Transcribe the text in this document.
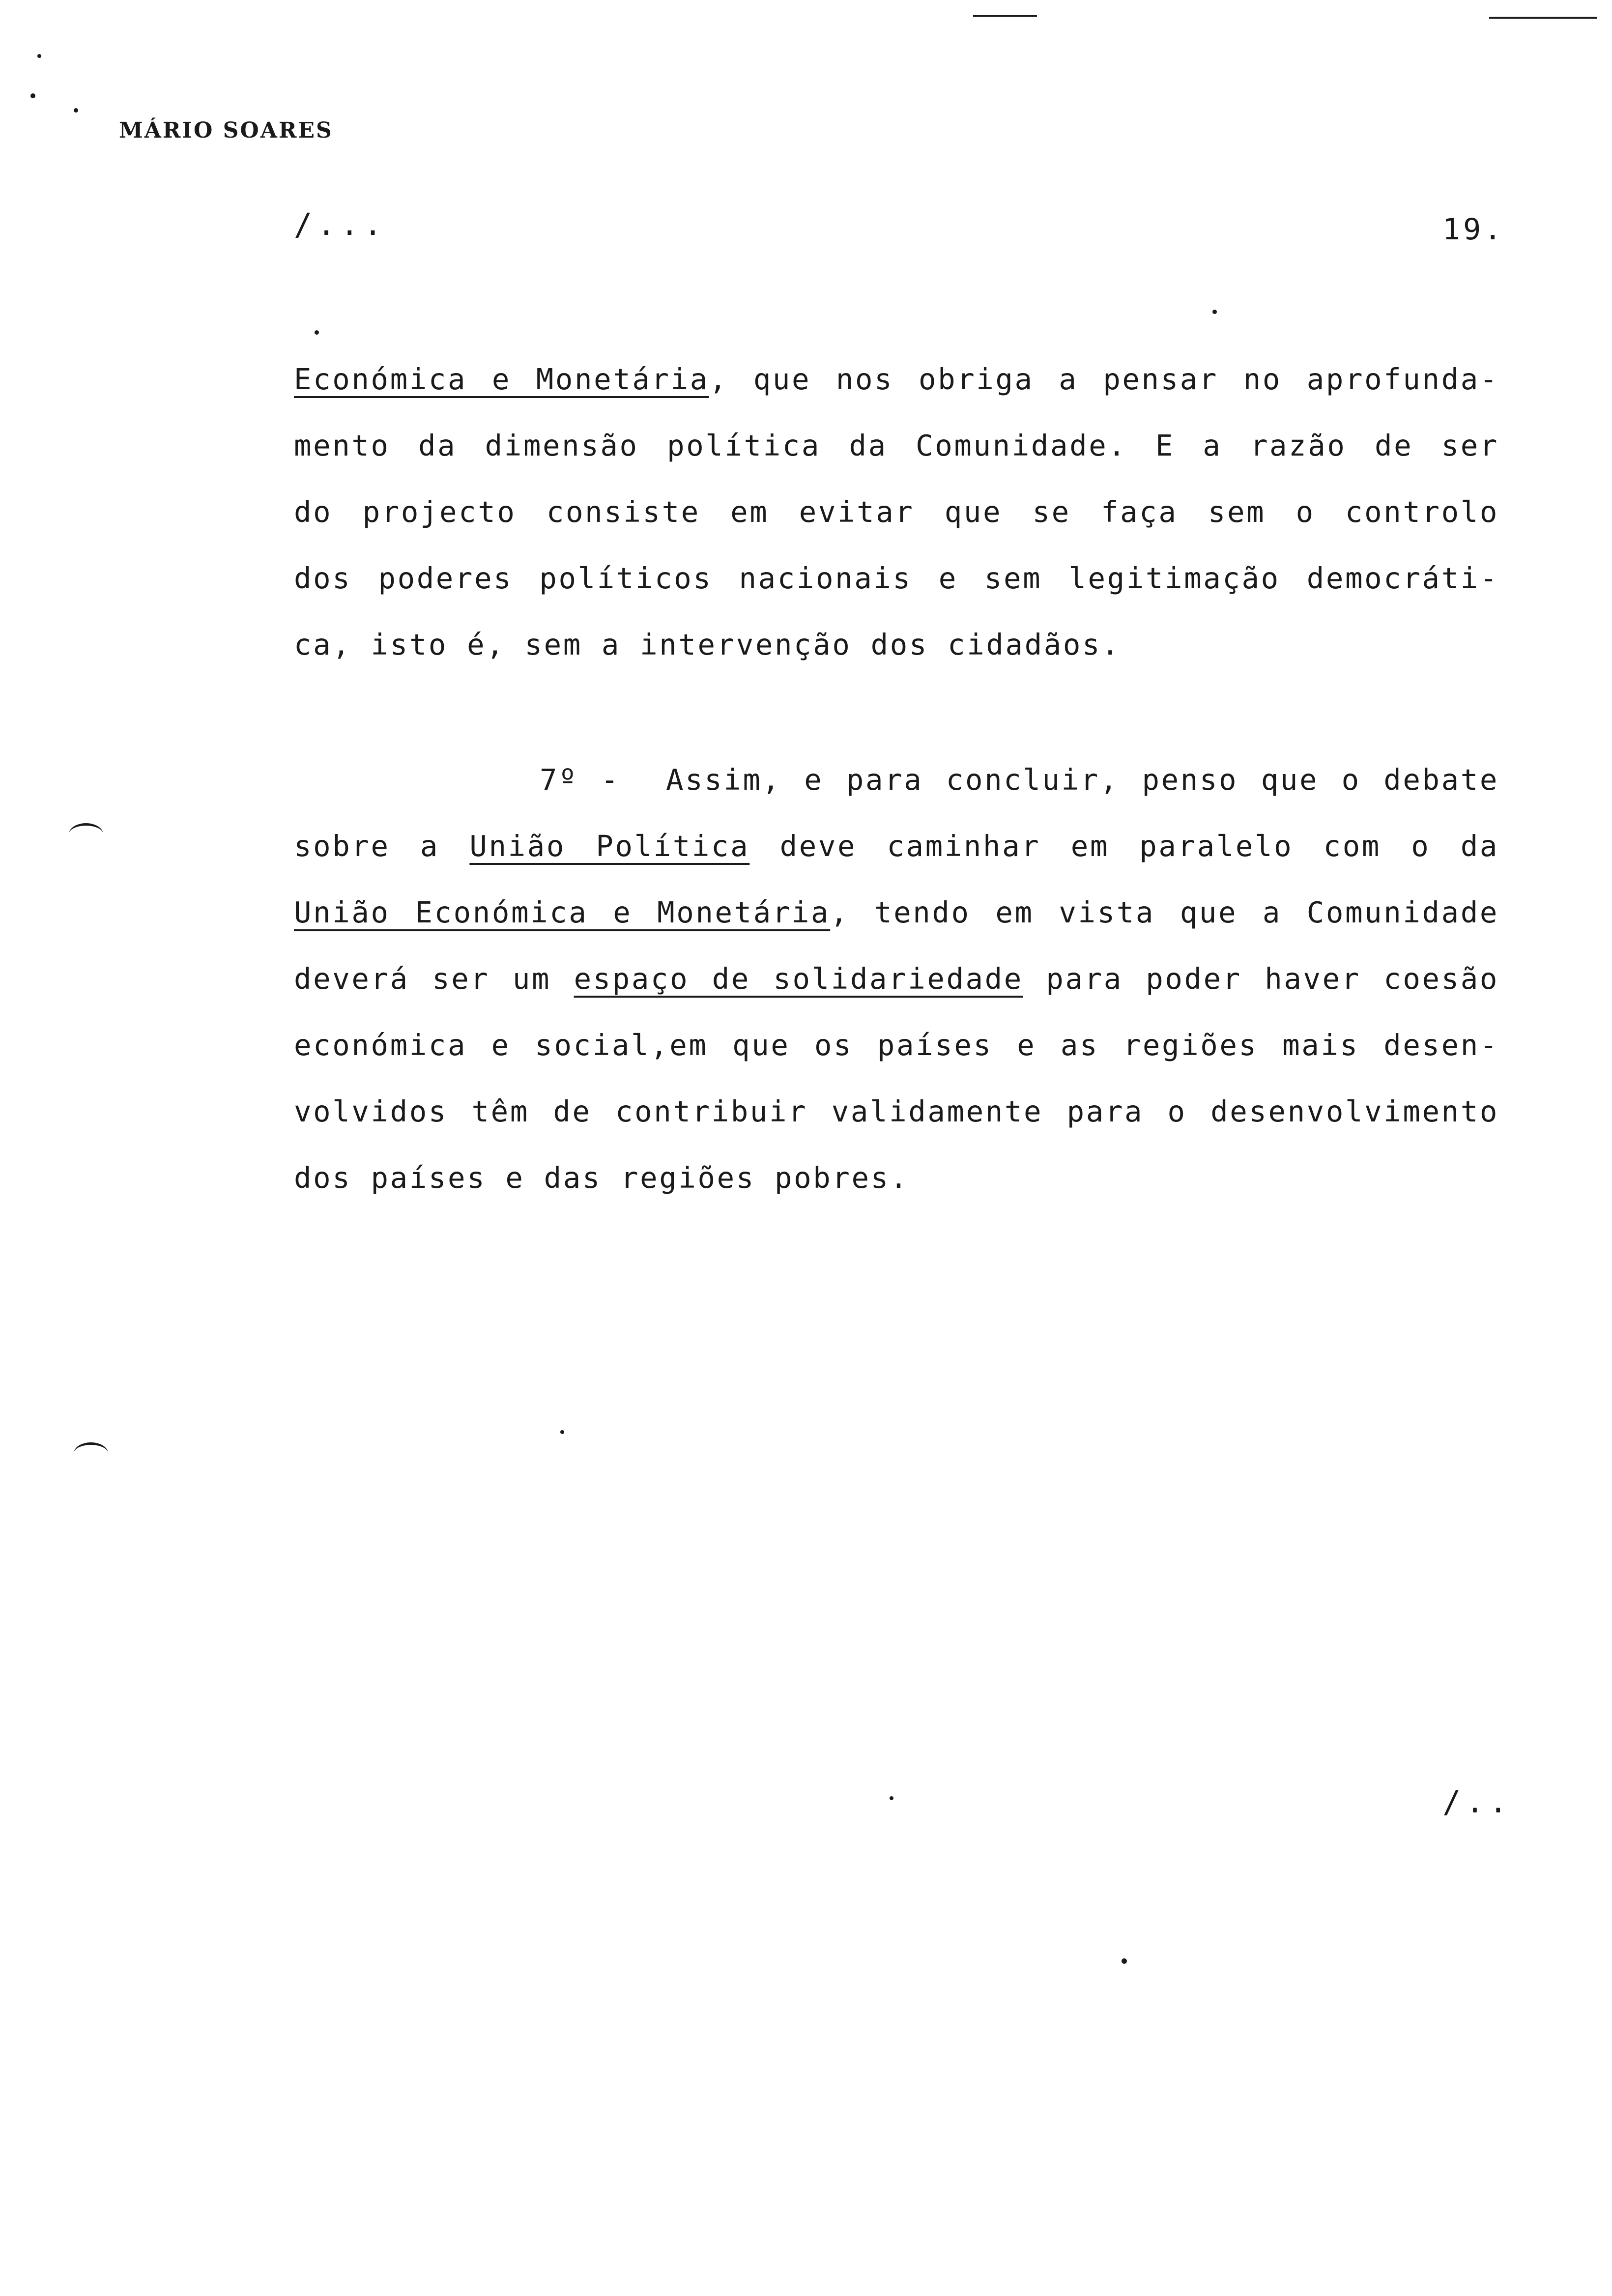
MÁRIO SOARES
/...	19.
Económica e Monetária, que nos obriga a pensar no aprofunda-
mento da dimensão política da Comunidade. E a razão de ser
do projecto consiste em evitar que se faça sem o controlo
dos poderes políticos nacionais e sem legitimação democráti-
ca, isto é, sem a intervenção dos cidadãos.
7º - Assim, e para concluir, penso que o debate
sobre a União Política deve caminhar em paralelo com o da
União Económica e Monetária, tendo em vista que a Comunidade
deverá ser um espaço de solidariedade para poder haver coesão
económica e social,em que os países e as regiões mais desen-
volvidos têm de contribuir validamente para o desenvolvimento
dos países e das regiões pobres.
/..
